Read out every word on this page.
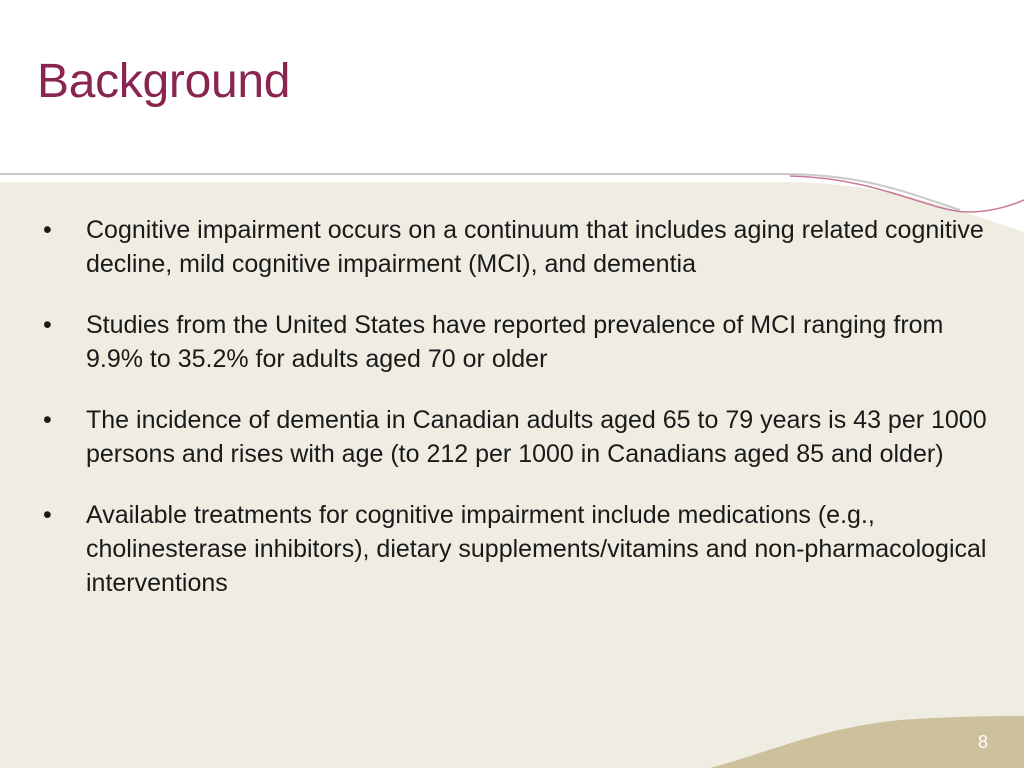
Background
• Cognitive impairment occurs on a continuum that includes aging related cognitive decline, mild cognitive impairment (MCI), and dementia
• Studies from the United States have reported prevalence of MCI ranging from 9.9% to 35.2% for adults aged 70 or older
• The incidence of dementia in Canadian adults aged 65 to 79 years is 43 per 1000 persons and rises with age (to 212 per 1000 in Canadians aged 85 and older)
• Available treatments for cognitive impairment include medications (e.g., cholinesterase inhibitors), dietary supplements/vitamins and non-pharmacological interventions
8
